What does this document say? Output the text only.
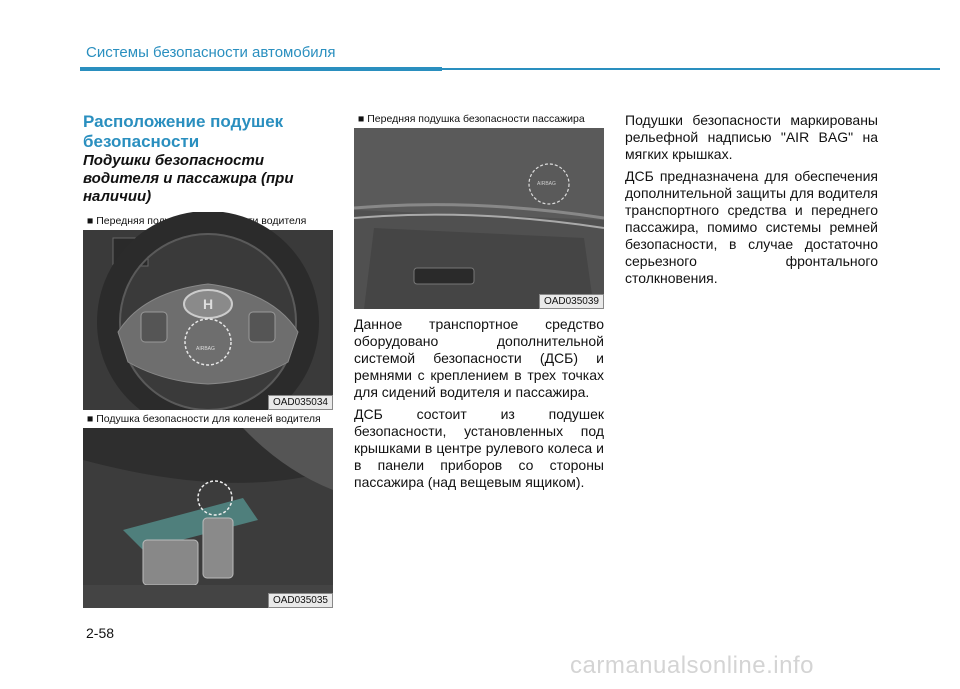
Системы безопасности автомобиля
Расположение подушек безопасности
Подушки безопасности водителя и пассажира (при наличии)
■ Передняя подушка безопасности водителя
H
AIRBAG
OAD035034
■ Подушка безопасности для коленей водителя
OAD035035
■ Передняя подушка безопасности пассажира
AIRBAG
OAD035039

Данное транспортное средство оборудовано дополнительной системой безопасности (ДСБ) и ремнями с креплением в трех точках для сидений водителя и пассажира.

ДСБ состоит из подушек безопасности, установленных под крышками в центре рулевого колеса и в панели приборов со стороны пассажира (над вещевым ящиком).

Подушки безопасности маркированы рельефной надписью "AIR BAG" на мягких крышках.

ДСБ предназначена для обеспечения дополнительной защиты для водителя транспортного средства и переднего пассажира, помимо системы ремней безопасности, в случае достаточно серьезного фронтального столкновения.

2-58
carmanualsonline.info
